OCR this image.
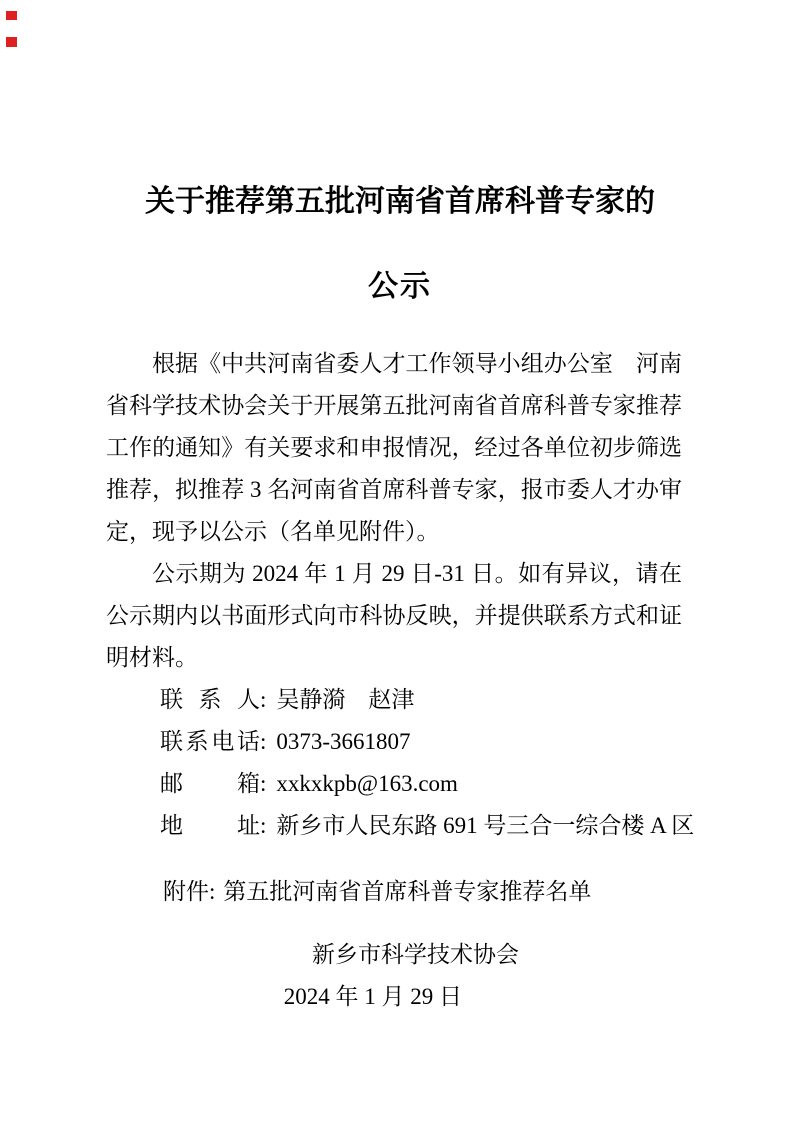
关于推荐第五批河南省首席科普专家的
公示
根据《中共河南省委人才工作领导小组办公室　河南省科学技术协会关于开展第五批河南省首席科普专家推荐工作的通知》有关要求和申报情况，经过各单位初步筛选推荐，拟推荐 3 名河南省首席科普专家，报市委人才办审定，现予以公示（名单见附件）。
公示期为 2024 年 1 月 29 日-31 日。如有异议，请在公示期内以书面形式向市科协反映，并提供联系方式和证明材料。
联系人: 吴静漪　赵津
联系电话: 0373-3661807
邮箱: xxkxkpb@163.com
地址: 新乡市人民东路 691 号三合一综合楼 A 区
附件: 第五批河南省首席科普专家推荐名单
新乡市科学技术协会
2024 年 1 月 29 日
